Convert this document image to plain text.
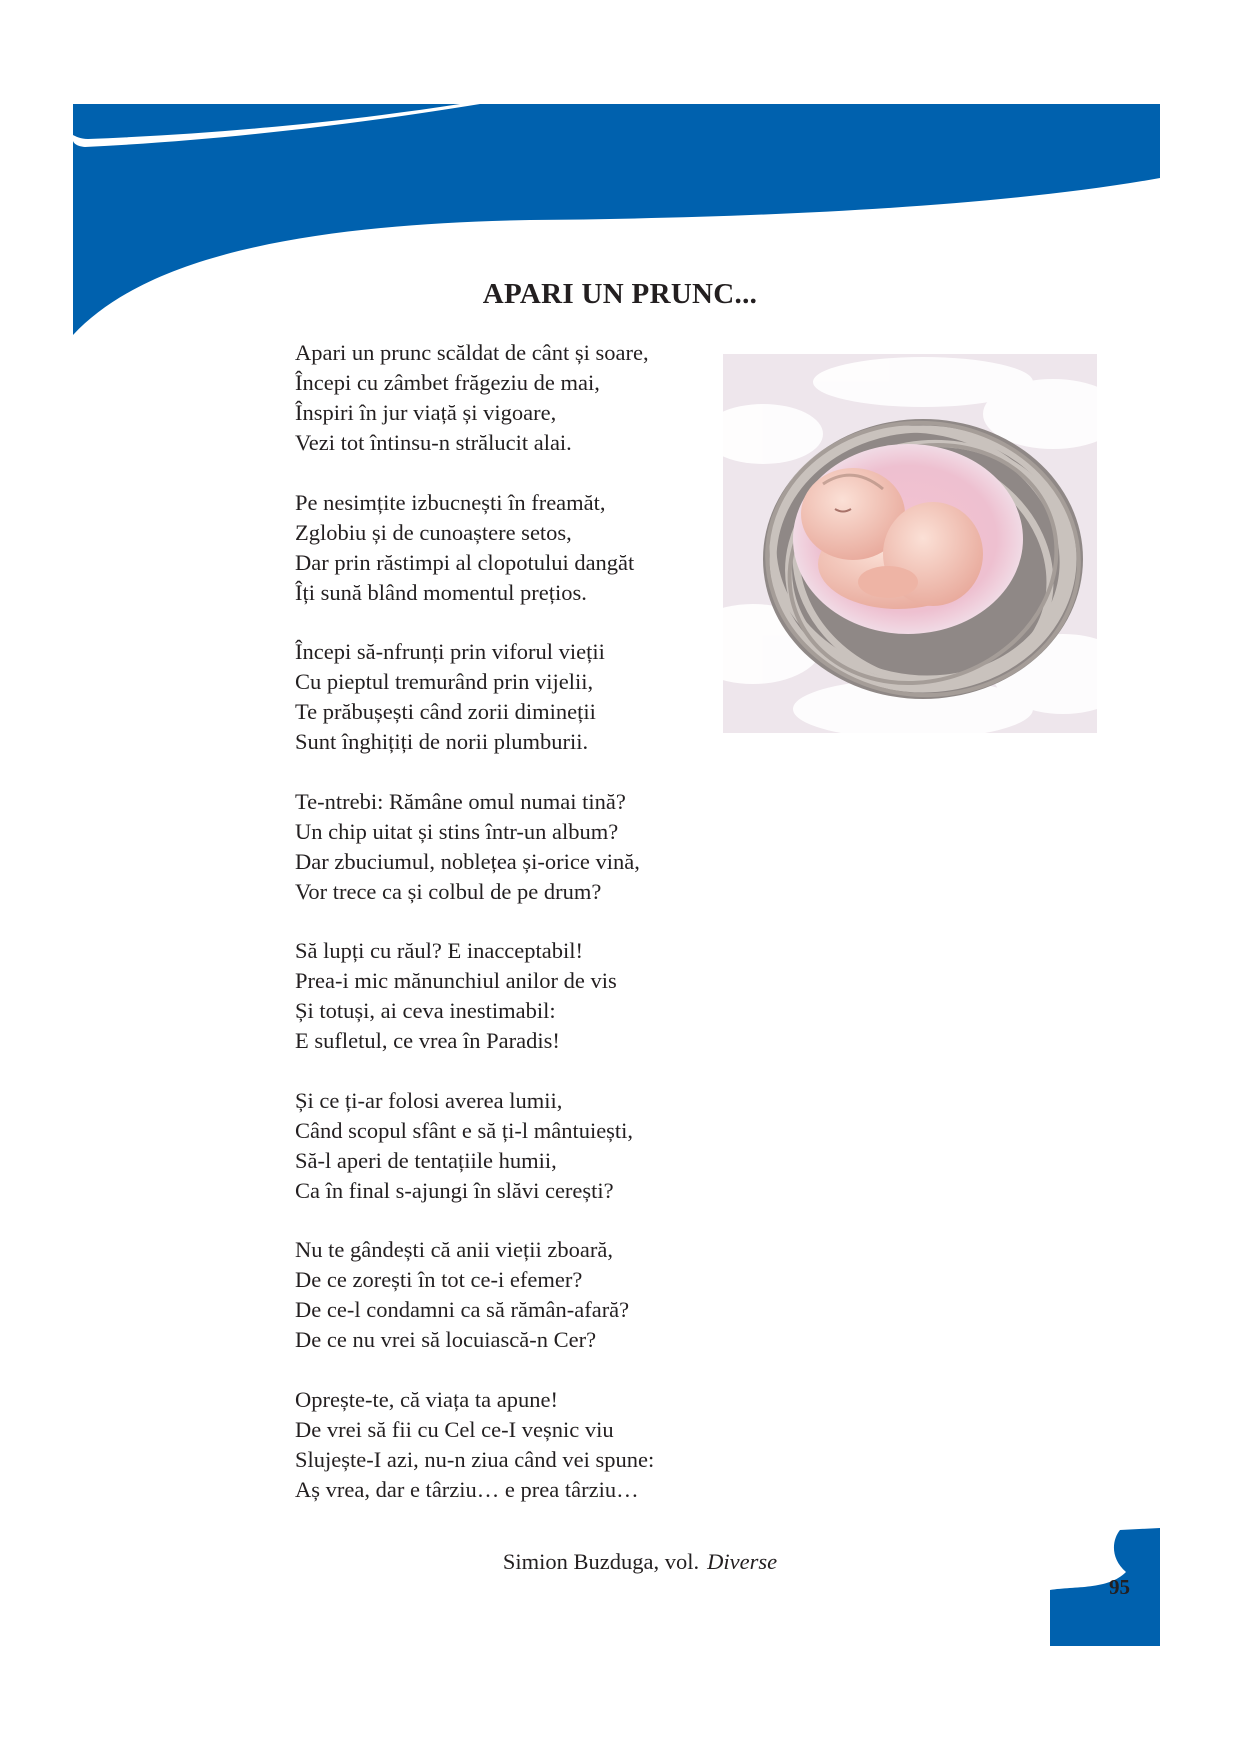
APARI UN PRUNC...
Apari un prunc scăldat de cânt și soare,
Începi cu zâmbet frăgeziu de mai,
Înspiri în jur viață și vigoare,
Vezi tot întinsu-n strălucit alai.
Pe nesimțite izbucnești în freamăt,
Zglobiu și de cunoaștere setos,
Dar prin răstimpi al clopotului dangăt
Îți sună blând momentul prețios.
Începi să-nfrunți prin viforul vieții
Cu pieptul tremurând prin vijelii,
Te prăbușești când zorii dimineții
Sunt înghițiți de norii plumburii.
Te-ntrebi: Rămâne omul numai tină?
Un chip uitat și stins într-un album?
Dar zbuciumul, noblețea și-orice vină,
Vor trece ca și colbul de pe drum?
Să lupți cu răul? E inacceptabil!
Prea-i mic mănunchiul anilor de vis
Și totuși, ai ceva inestimabil:
E sufletul, ce vrea în Paradis!
Și ce ți-ar folosi averea lumii,
Când scopul sfânt e să ți-l mântuiești,
Să-l aperi de tentațiile humii,
Ca în final s-ajungi în slăvi cerești?
Nu te gândești că anii vieții zboară,
De ce zorești în tot ce-i efemer?
De ce-l condamni ca să rămân-afară?
De ce nu vrei să locuiască-n Cer?
Oprește-te, că viața ta apune!
De vrei să fii cu Cel ce-I veșnic viu
Slujește-I azi, nu-n ziua când vei spune:
Aș vrea, dar e târziu… e prea târziu…
Simion Buzduga, vol. Diverse
95
